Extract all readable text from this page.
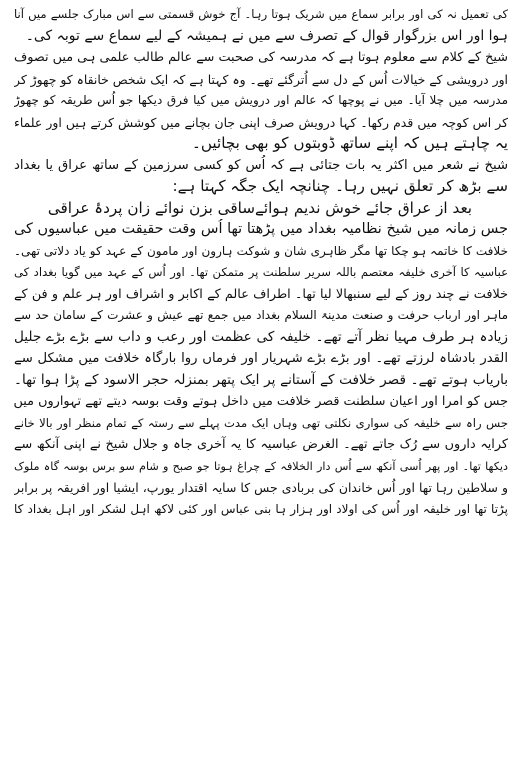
کی تعمیل نہ کی اور برابر سماع میں شریک ہوتا رہا۔ آج خوش قسمتی سے اس مبارک جلسے میں آنا
ہوا اور اس بزرگوار قوال کے تصرف سے میں نے ہمیشہ کے لیے سماع سے توبہ کی۔
شیخ کے کلام سے معلوم ہوتا ہے کہ مدرسہ کی صحبت سے عالم طالب علمی ہی میں تصوف
اور درویشی کے خیالات اُس کے دل سے اُترگئے تھے۔ وہ کہتا ہے کہ ایک شخص خانقاہ کو چھوڑ کر
مدرسہ میں چلا آیا۔ میں نے پوچھا کہ عالم اور درویش میں کیا فرق دیکھا جو اُس طریقہ کو چھوڑ
کر اس کوچہ میں قدم رکھا۔ کہا درویش صرف اپنی جان بچانے میں کوشش کرتے ہیں اور علماء
یہ چاہتے ہیں کہ اپنے ساتھ ڈوبتوں کو بھی بچائیں۔
شیخ نے شعر میں اکثر یہ بات جتائی ہے کہ اُس کو کسی سرزمین کے ساتھ عراق یا بغداد
سے بڑھ کر تعلق نہیں رہا۔ چنانچہ ایک جگہ کہتا ہے:
بعد از عراق جائے خوش ندیم ہوائے
ساقی بزن نوائے زان پردۂ عراقی
جس زمانہ میں شیخ نظامیہ بغداد میں پڑھتا تھا اُس وقت حقیقت میں عباسیوں کی
خلافت کا خاتمہ ہو چکا تھا مگر ظاہری شان و شوکت ہارون اور مامون کے عہد کو یاد دلاتی تھی۔
عباسیہ کا آخری خلیفہ معتصم باللہ سریر سلطنت پر متمکن تھا۔ اور اُس کے عہد میں گویا بغداد کی
خلافت نے چند روز کے لیے سنبھالا لیا تھا۔ اطراف عالم کے اکابر و اشراف اور ہر علم و فن کے
ماہر اور ارباب حرفت و صنعت مدینۃ السلام بغداد میں جمع تھے عیش و عشرت کے سامان حد سے
زیادہ ہر طرف مہیا نظر آتے تھے۔ خلیفہ کی عظمت اور رعب و داب سے بڑے بڑے جلیل
القدر بادشاہ لرزتے تھے۔ اور بڑے بڑے شہریار اور فرماں روا بارگاہ خلافت میں مشکل سے
باریاب ہوتے تھے۔ قصر خلافت کے آستانے پر ایک پتھر بمنزلہ حجر الاسود کے پڑا ہوا تھا۔
جس کو امرا اور اعیان سلطنت قصر خلافت میں داخل ہوتے وقت بوسہ دیتے تھے تہواروں میں
جس راہ سے خلیفہ کی سواری نکلتی تھی وہاں ایک مدت پہلے سے رستہ کے تمام منظر اور بالا خانے
کرایہ داروں سے رُک جاتے تھے۔ الغرض عباسیہ کا یہ آخری جاہ و جلال شیخ نے اپنی آنکھ سے
دیکھا تھا۔ اور پھر اُسی آنکھ سے اُس دار الخلافہ کے چراغ ہوتا جو صبح و شام سو برس بوسہ گاہ ملوک
و سلاطین رہا تھا اور اُس خاندان کی بربادی جس کا سایہ اقتدار یورپ، ایشیا اور افریقہ پر برابر
پڑتا تھا اور خلیفہ اور اُس کی اولاد اور ہزار ہا بنی عباس اور کئی لاکھ اہل لشکر اور اہل بغداد کا
